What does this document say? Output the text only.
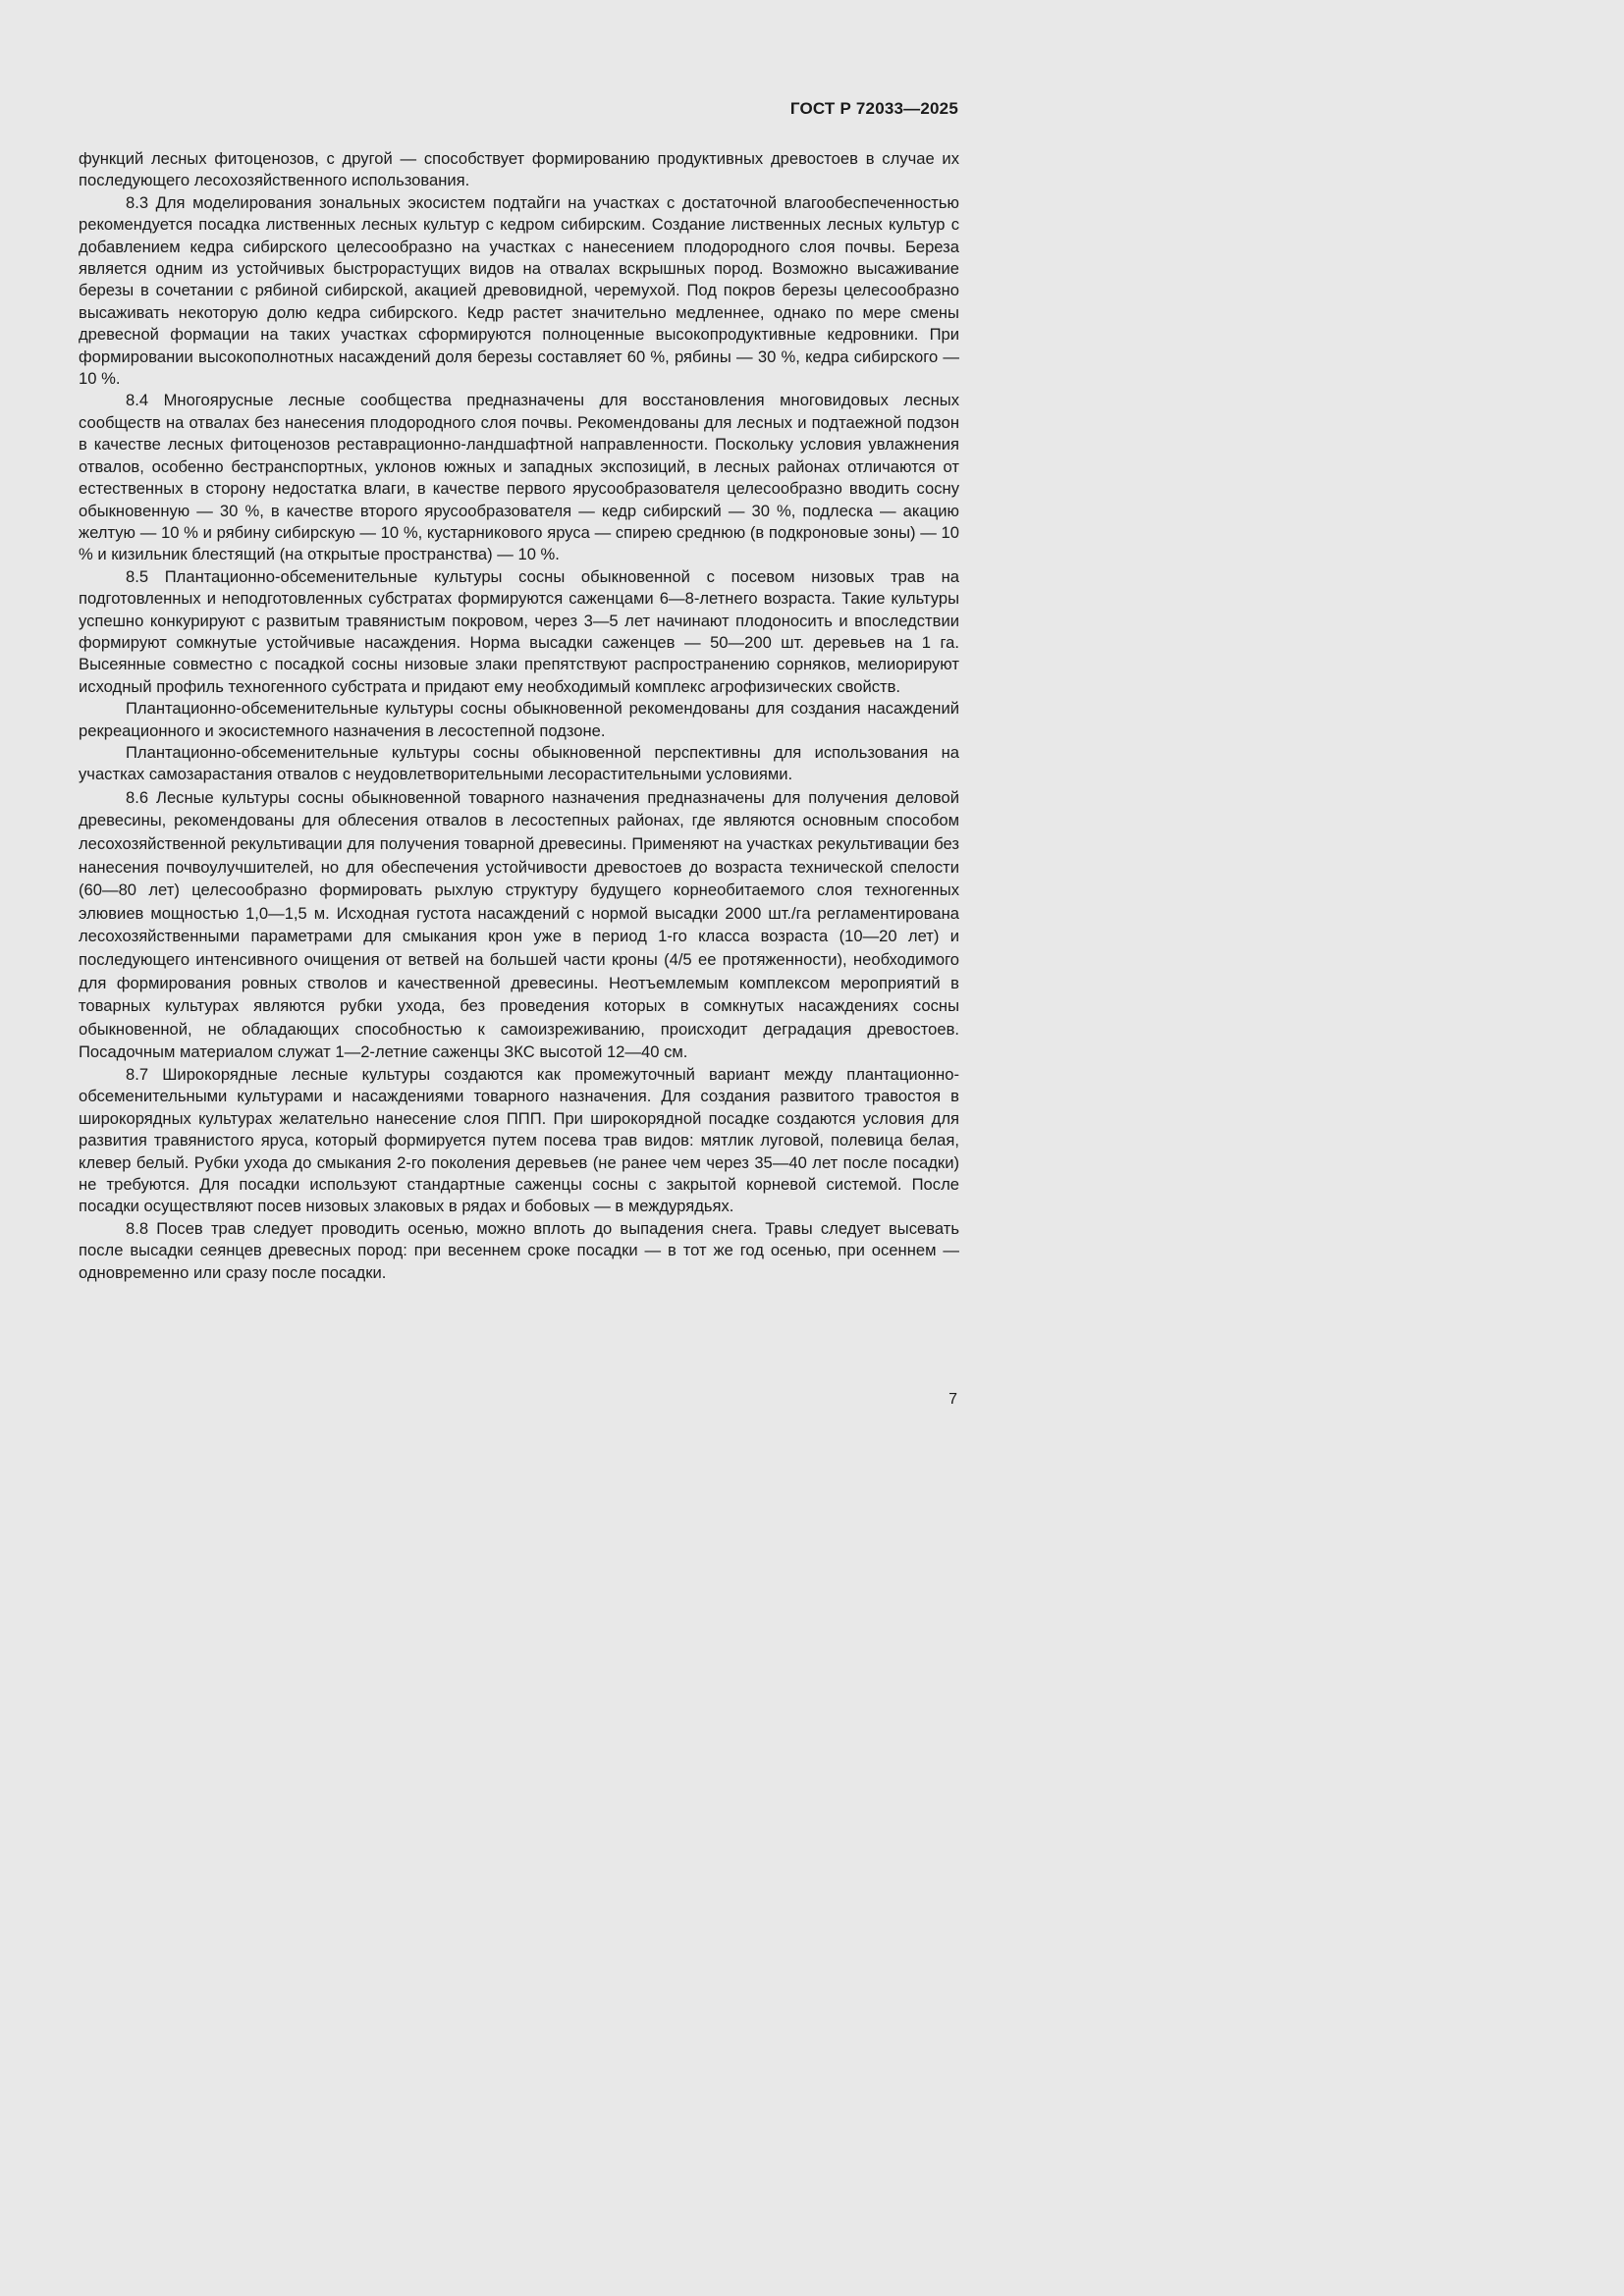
ГОСТ Р 72033—2025

функций лесных фитоценозов, с другой — способствует формированию продуктивных древостоев в случае их последующего лесохозяйственного использования.

8.3 Для моделирования зональных экосистем подтайги на участках с достаточной влагообеспеченностью рекомендуется посадка лиственных лесных культур с кедром сибирским. Создание лиственных лесных культур с добавлением кедра сибирского целесообразно на участках с нанесением плодородного слоя почвы. Береза является одним из устойчивых быстрорастущих видов на отвалах вскрышных пород. Возможно высаживание березы в сочетании с рябиной сибирской, акацией древовидной, черемухой. Под покров березы целесообразно высаживать некоторую долю кедра сибирского. Кедр растет значительно медленнее, однако по мере смены древесной формации на таких участках сформируются полноценные высокопродуктивные кедровники. При формировании высокополнотных насаждений доля березы составляет 60 %, рябины — 30 %, кедра сибирского — 10 %.

8.4 Многоярусные лесные сообщества предназначены для восстановления многовидовых лесных сообществ на отвалах без нанесения плодородного слоя почвы. Рекомендованы для лесных и подтаежной подзон в качестве лесных фитоценозов реставрационно-ландшафтной направленности. Поскольку условия увлажнения отвалов, особенно бестранспортных, уклонов южных и западных экспозиций, в лесных районах отличаются от естественных в сторону недостатка влаги, в качестве первого ярусообразователя целесообразно вводить сосну обыкновенную — 30 %, в качестве второго ярусообразователя — кедр сибирский — 30 %, подлеска — акацию желтую — 10 % и рябину сибирскую — 10 %, кустарникового яруса — спирею среднюю (в подкроновые зоны) — 10 % и кизильник блестящий (на открытые пространства) — 10 %.

8.5 Плантационно-обсеменительные культуры сосны обыкновенной с посевом низовых трав на подготовленных и неподготовленных субстратах формируются саженцами 6—8-летнего возраста. Такие культуры успешно конкурируют с развитым травянистым покровом, через 3—5 лет начинают плодоносить и впоследствии формируют сомкнутые устойчивые насаждения. Норма высадки саженцев — 50—200 шт. деревьев на 1 га. Высеянные совместно с посадкой сосны низовые злаки препятствуют распространению сорняков, мелиорируют исходный профиль техногенного субстрата и придают ему необходимый комплекс агрофизических свойств.

Плантационно-обсеменительные культуры сосны обыкновенной рекомендованы для создания насаждений рекреационного и экосистемного назначения в лесостепной подзоне.

Плантационно-обсеменительные культуры сосны обыкновенной перспективны для использования на участках самозарастания отвалов с неудовлетворительными лесорастительными условиями.

8.6 Лесные культуры сосны обыкновенной товарного назначения предназначены для получения деловой древесины, рекомендованы для облесения отвалов в лесостепных районах, где являются основным способом лесохозяйственной рекультивации для получения товарной древесины. Применяют на участках рекультивации без нанесения почвоулучшителей, но для обеспечения устойчивости древостоев до возраста технической спелости (60—80 лет) целесообразно формировать рыхлую структуру будущего корнеобитаемого слоя техногенных элювиев мощностью 1,0—1,5 м. Исходная густота насаждений с нормой высадки 2000 шт./га регламентирована лесохозяйственными параметрами для смыкания крон уже в период 1-го класса возраста (10—20 лет) и последующего интенсивного очищения от ветвей на большей части кроны (4/5 ее протяженности), необходимого для формирования ровных стволов и качественной древесины. Неотъемлемым комплексом мероприятий в товарных культурах являются рубки ухода, без проведения которых в сомкнутых насаждениях сосны обыкновенной, не обладающих способностью к самоизреживанию, происходит деградация древостоев. Посадочным материалом служат 1—2-летние саженцы ЗКС высотой 12—40 см.

8.7 Широкорядные лесные культуры создаются как промежуточный вариант между плантационно-обсеменительными культурами и насаждениями товарного назначения. Для создания развитого травостоя в широкорядных культурах желательно нанесение слоя ППП. При широкорядной посадке создаются условия для развития травянистого яруса, который формируется путем посева трав видов: мятлик луговой, полевица белая, клевер белый. Рубки ухода до смыкания 2-го поколения деревьев (не ранее чем через 35—40 лет после посадки) не требуются. Для посадки используют стандартные саженцы сосны с закрытой корневой системой. После посадки осуществляют посев низовых злаковых в рядах и бобовых — в междурядьях.

8.8 Посев трав следует проводить осенью, можно вплоть до выпадения снега. Травы следует высевать после высадки сеянцев древесных пород: при весеннем сроке посадки — в тот же год осенью, при осеннем — одновременно или сразу после посадки.

7
